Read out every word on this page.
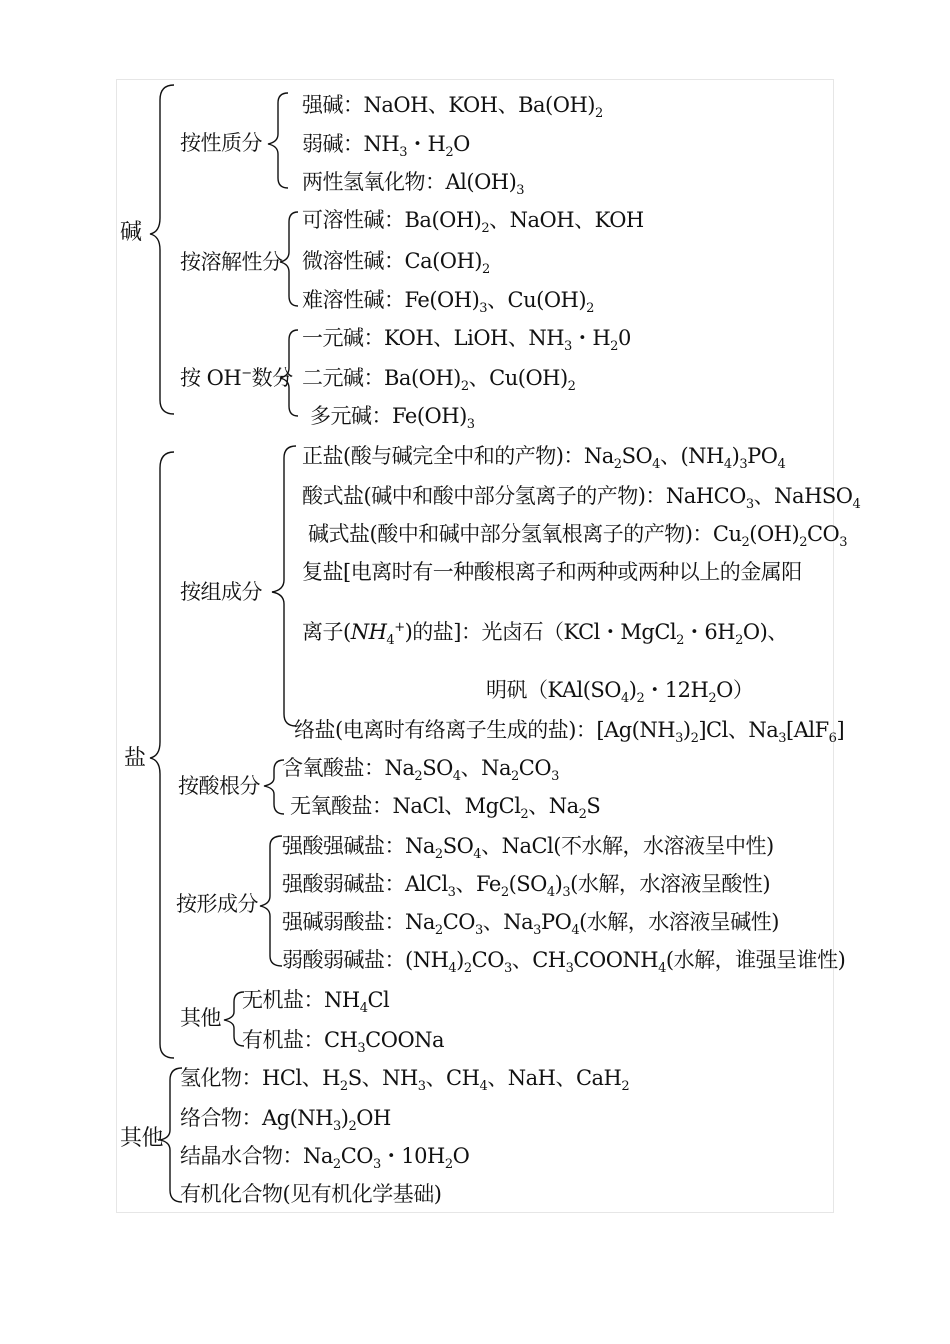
碱
按性质分
强碱：NaOH、KOH、$Ba(OH)_2$
弱碱：$NH_3$・$H_2O$
两性氢氧化物：$Al(OH)_3$
按溶解性分
可溶性碱：$Ba(OH)_2$、NaOH、KOH
微溶性碱：$Ca(OH)_2$
难溶性碱：$Fe(OH)_3$、$Cu(OH)_2$
按 OH−数分
一元碱：KOH、LiOH、$NH_3$・$H_20$
二元碱：$Ba(OH)_2$、$Cu(OH)_2$
多元碱：$Fe(OH)_3$
盐
按组成分
正盐(酸与碱完全中和的产物)：$Na_2SO_4$、$(NH_4)_3PO_4$
酸式盐(碱中和酸中部分氢离子的产物)：NaHCO$_3$、NaHSO$_4$
碱式盐(酸中和碱中部分氢氧根离子的产物)：$Cu_2(OH)_2CO_3$
复盐[电离时有一种酸根离子和两种或两种以上的金属阳
离子$(NH_4^+)$的盐]：光卤石（KCl・MgCl$_2$・$6H_2O$)、
明矾（$KAl(SO_4)_2$・$12H_2O$）
络盐(电离时有络离子生成的盐)：$[Ag(NH_3)_2]Cl$、$Na_3[AlF_6]$
按酸根分
含氧酸盐：$Na_2SO_4$、$Na_2CO_3$
无氧酸盐：NaCl、MgCl$_2$、$Na_2S$
按形成分
强酸强碱盐：$Na_2SO_4$、NaCl(不水解，水溶液呈中性)
强酸弱碱盐：AlCl$_3$、$Fe_2(SO_4)_3$(水解，水溶液呈酸性)
强碱弱酸盐：$Na_2CO_3$、$Na_3PO_4$(水解，水溶液呈碱性)
弱酸弱碱盐：$(NH_4)_2CO_3$、$CH_3COONH_4$(水解，谁强呈谁性)
其他
无机盐：$NH_4Cl$
有机盐：$CH_3COONa$
其他
氢化物：HCl、$H_2S$、$NH_3$、$CH_4$、NaH、CaH$_2$
络合物：$Ag(NH_3)_2OH$
结晶水合物：$Na_2CO_3$・$10H_2O$
有机化合物(见有机化学基础)
